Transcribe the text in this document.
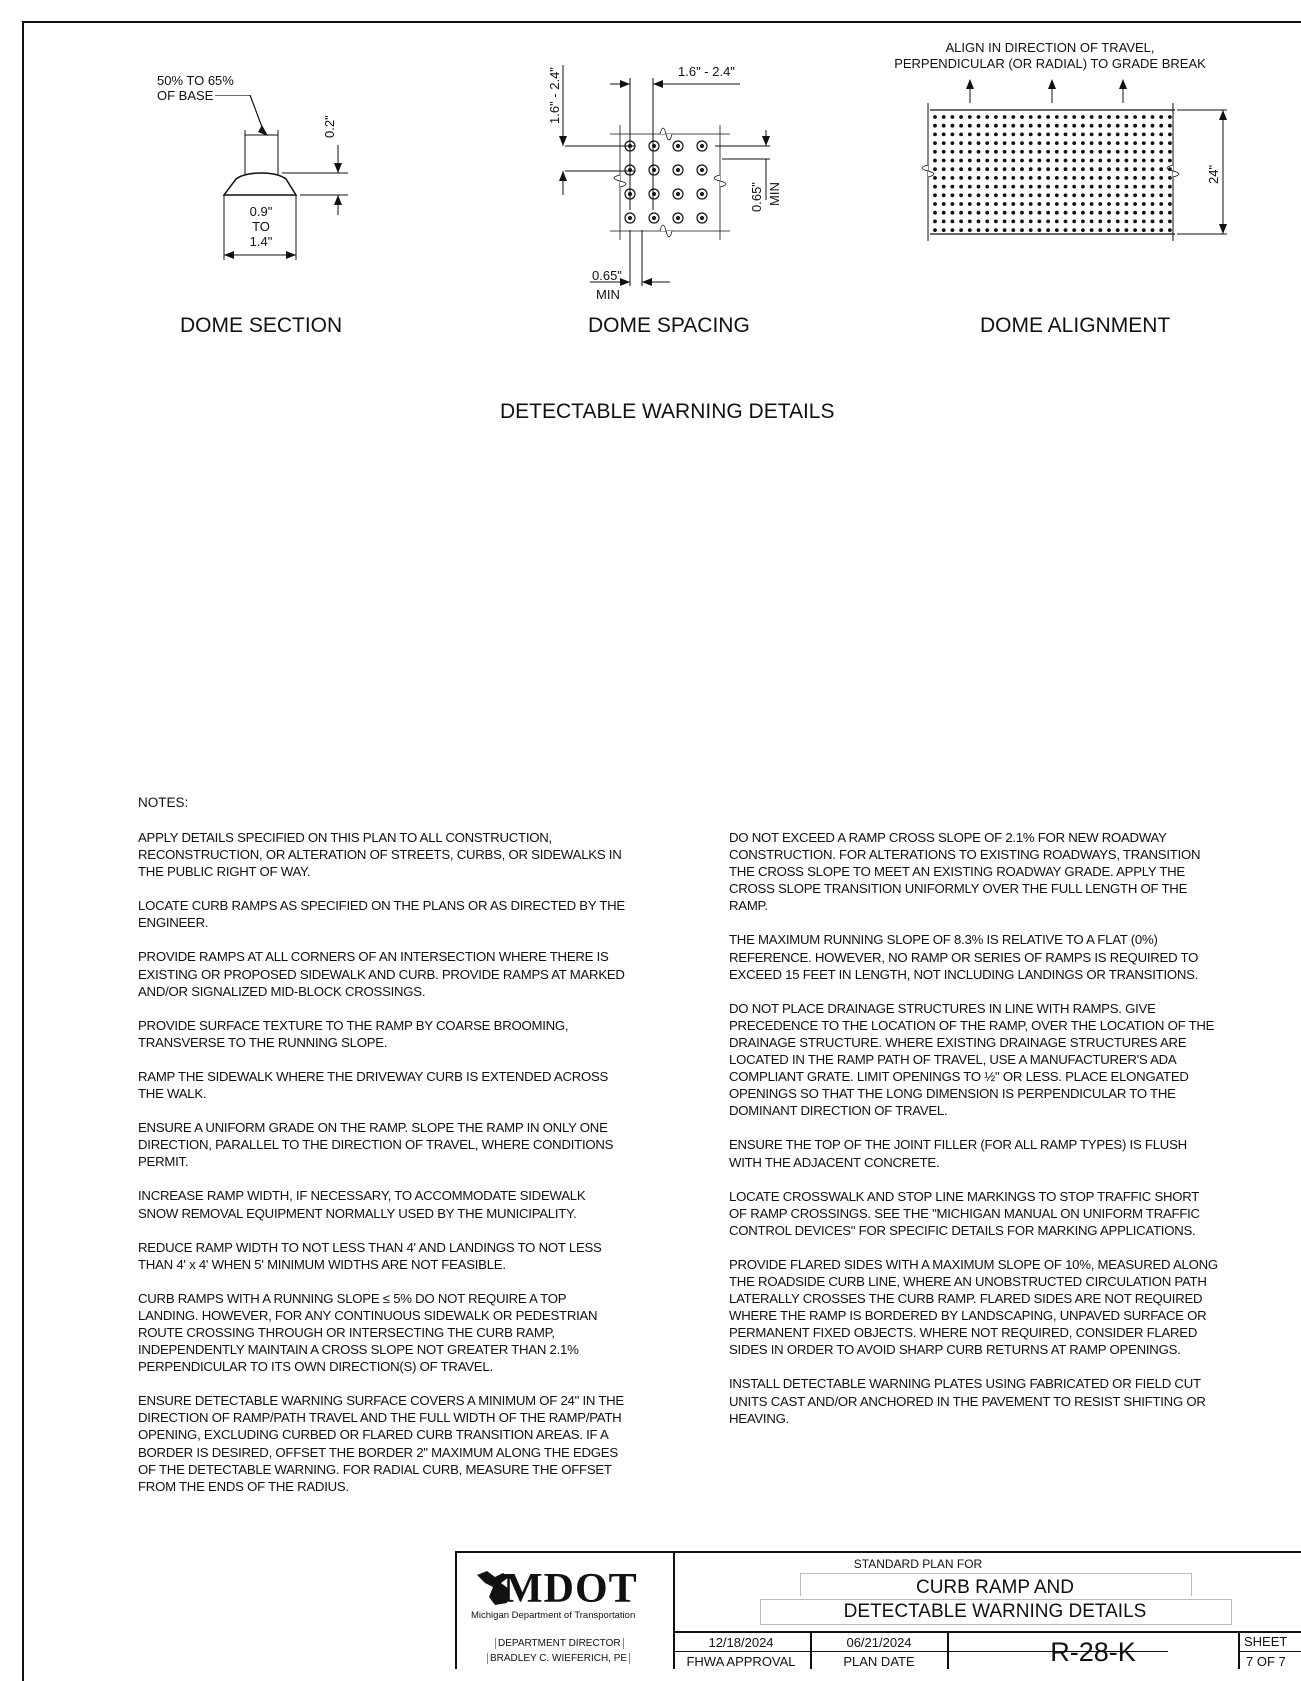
50% TO 65%
OF BASE
0.2"
0.9"
TO
1.4"
DOME SECTION
1.6" - 2.4"
1.6" - 2.4"
0.65" MIN
0.65"
MIN
DOME SPACING
ALIGN IN DIRECTION OF TRAVEL,
PERPENDICULAR (OR RADIAL) TO GRADE BREAK
24"
DOME ALIGNMENT
DETECTABLE WARNING DETAILS
NOTES:

APPLY DETAILS SPECIFIED ON THIS PLAN TO ALL CONSTRUCTION, RECONSTRUCTION, OR ALTERATION OF STREETS, CURBS, OR SIDEWALKS IN THE PUBLIC RIGHT OF WAY.

LOCATE CURB RAMPS AS SPECIFIED ON THE PLANS OR AS DIRECTED BY THE ENGINEER.

PROVIDE RAMPS AT ALL CORNERS OF AN INTERSECTION WHERE THERE IS EXISTING OR PROPOSED SIDEWALK AND CURB. PROVIDE RAMPS AT MARKED AND/OR SIGNALIZED MID-BLOCK CROSSINGS.

PROVIDE SURFACE TEXTURE TO THE RAMP BY COARSE BROOMING, TRANSVERSE TO THE RUNNING SLOPE.

RAMP THE SIDEWALK WHERE THE DRIVEWAY CURB IS EXTENDED ACROSS THE WALK.

ENSURE A UNIFORM GRADE ON THE RAMP. SLOPE THE RAMP IN ONLY ONE DIRECTION, PARALLEL TO THE DIRECTION OF TRAVEL, WHERE CONDITIONS PERMIT.

INCREASE RAMP WIDTH, IF NECESSARY, TO ACCOMMODATE SIDEWALK SNOW REMOVAL EQUIPMENT NORMALLY USED BY THE MUNICIPALITY.

REDUCE RAMP WIDTH TO NOT LESS THAN 4' AND LANDINGS TO NOT LESS THAN 4' x 4' WHEN 5' MINIMUM WIDTHS ARE NOT FEASIBLE.

CURB RAMPS WITH A RUNNING SLOPE ≤ 5% DO NOT REQUIRE A TOP LANDING. HOWEVER, FOR ANY CONTINUOUS SIDEWALK OR PEDESTRIAN ROUTE CROSSING THROUGH OR INTERSECTING THE CURB RAMP, INDEPENDENTLY MAINTAIN A CROSS SLOPE NOT GREATER THAN 2.1% PERPENDICULAR TO ITS OWN DIRECTION(S) OF TRAVEL.

ENSURE DETECTABLE WARNING SURFACE COVERS A MINIMUM OF 24" IN THE DIRECTION OF RAMP/PATH TRAVEL AND THE FULL WIDTH OF THE RAMP/PATH OPENING, EXCLUDING CURBED OR FLARED CURB TRANSITION AREAS. IF A BORDER IS DESIRED, OFFSET THE BORDER 2" MAXIMUM ALONG THE EDGES OF THE DETECTABLE WARNING. FOR RADIAL CURB, MEASURE THE OFFSET FROM THE ENDS OF THE RADIUS.

DO NOT EXCEED A RAMP CROSS SLOPE OF 2.1% FOR NEW ROADWAY CONSTRUCTION. FOR ALTERATIONS TO EXISTING ROADWAYS, TRANSITION THE CROSS SLOPE TO MEET AN EXISTING ROADWAY GRADE. APPLY THE CROSS SLOPE TRANSITION UNIFORMLY OVER THE FULL LENGTH OF THE RAMP.

THE MAXIMUM RUNNING SLOPE OF 8.3% IS RELATIVE TO A FLAT (0%) REFERENCE. HOWEVER, NO RAMP OR SERIES OF RAMPS IS REQUIRED TO EXCEED 15 FEET IN LENGTH, NOT INCLUDING LANDINGS OR TRANSITIONS.

DO NOT PLACE DRAINAGE STRUCTURES IN LINE WITH RAMPS. GIVE PRECEDENCE TO THE LOCATION OF THE RAMP, OVER THE LOCATION OF THE DRAINAGE STRUCTURE. WHERE EXISTING DRAINAGE STRUCTURES ARE LOCATED IN THE RAMP PATH OF TRAVEL, USE A MANUFACTURER'S ADA COMPLIANT GRATE. LIMIT OPENINGS TO ½" OR LESS. PLACE ELONGATED OPENINGS SO THAT THE LONG DIMENSION IS PERPENDICULAR TO THE DOMINANT DIRECTION OF TRAVEL.

ENSURE THE TOP OF THE JOINT FILLER (FOR ALL RAMP TYPES) IS FLUSH WITH THE ADJACENT CONCRETE.

LOCATE CROSSWALK AND STOP LINE MARKINGS TO STOP TRAFFIC SHORT OF RAMP CROSSINGS. SEE THE "MICHIGAN MANUAL ON UNIFORM TRAFFIC CONTROL DEVICES" FOR SPECIFIC DETAILS FOR MARKING APPLICATIONS.

PROVIDE FLARED SIDES WITH A MAXIMUM SLOPE OF 10%, MEASURED ALONG THE ROADSIDE CURB LINE, WHERE AN UNOBSTRUCTED CIRCULATION PATH LATERALLY CROSSES THE CURB RAMP. FLARED SIDES ARE NOT REQUIRED WHERE THE RAMP IS BORDERED BY LANDSCAPING, UNPAVED SURFACE OR PERMANENT FIXED OBJECTS. WHERE NOT REQUIRED, CONSIDER FLARED SIDES IN ORDER TO AVOID SHARP CURB RETURNS AT RAMP OPENINGS.

INSTALL DETECTABLE WARNING PLATES USING FABRICATED OR FIELD CUT UNITS CAST AND/OR ANCHORED IN THE PAVEMENT TO RESIST SHIFTING OR HEAVING.

MDOT
Michigan Department of Transportation
DEPARTMENT DIRECTOR
BRADLEY C. WIEFERICH, PE
STANDARD PLAN FOR
CURB RAMP AND
DETECTABLE WARNING DETAILS
12/18/2024
FHWA APPROVAL
06/21/2024
PLAN DATE	R-28-K	SHEET
7 OF 7
